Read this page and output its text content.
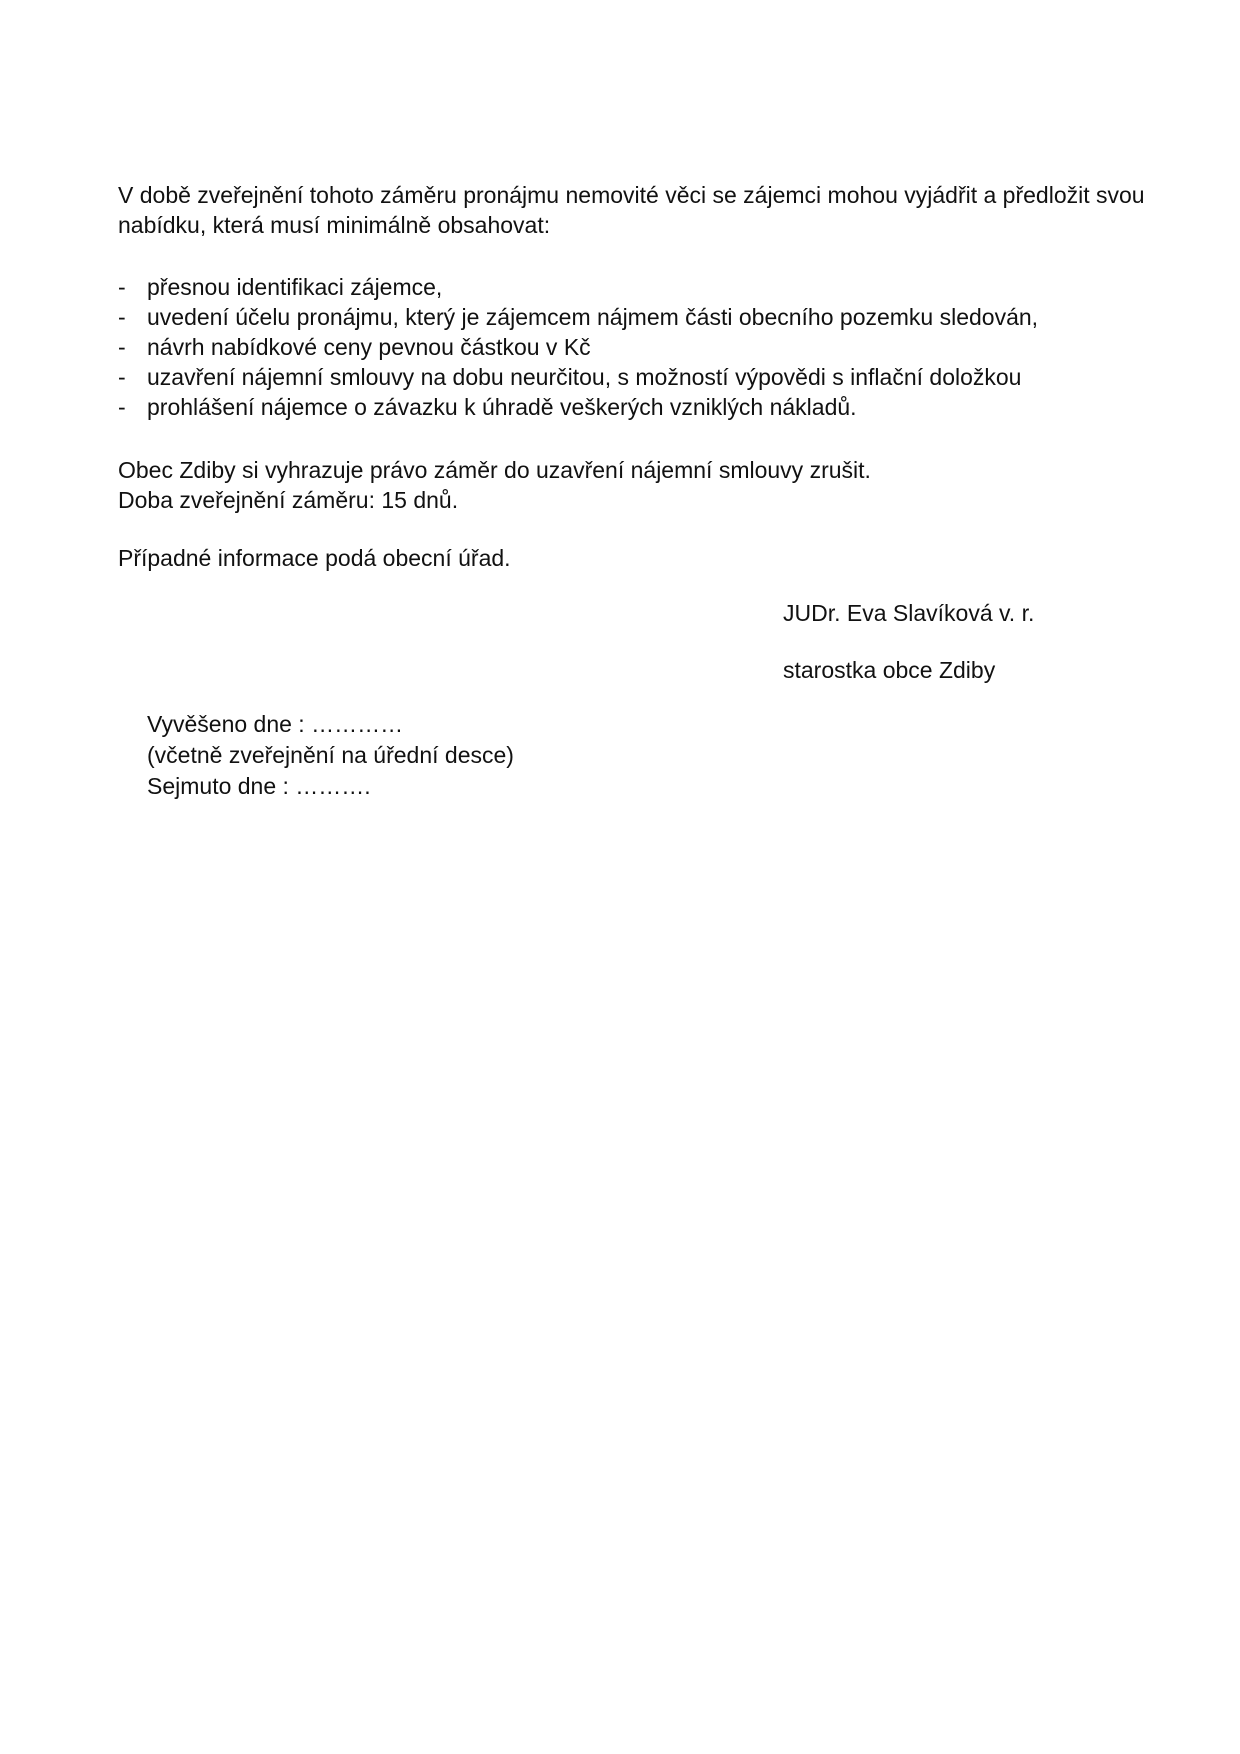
V době zveřejnění tohoto záměru pronájmu nemovité věci se zájemci mohou vyjádřit a předložit svou nabídku, která musí minimálně obsahovat:

- přesnou identifikaci zájemce,
- uvedení účelu pronájmu, který je zájemcem nájmem části obecního pozemku sledován,
- návrh nabídkové ceny pevnou částkou v Kč
- uzavření nájemní smlouvy na dobu neurčitou, s možností výpovědi s inflační doložkou
- prohlášení nájemce o závazku k úhradě veškerých vzniklých nákladů.

Obec Zdiby si vyhrazuje právo záměr do uzavření nájemní smlouvy zrušit.

Doba zveřejnění záměru: 15 dnů.

Případné informace podá obecní úřad.

JUDr. Eva Slavíková v. r.

starostka obce Zdiby

Vyvěšeno dne : …………
(včetně zveřejnění na úřední desce)
Sejmuto dne : ……….
